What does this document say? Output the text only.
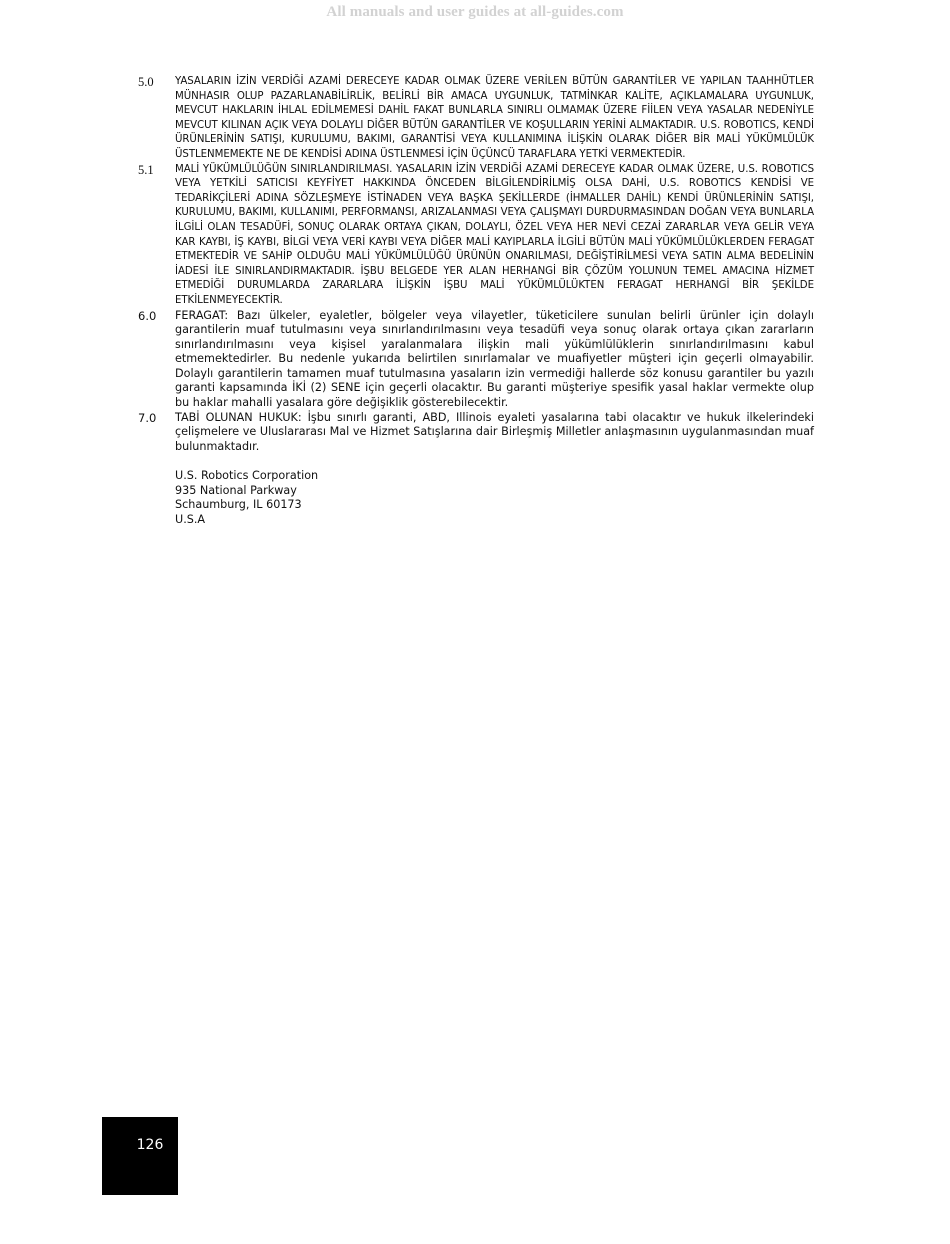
All manuals and user guides at all-guides.com
5.0	YASALARIN İZİN VERDİĞİ AZAMİ DERECEYE KADAR OLMAK ÜZERE VERİLEN BÜTÜN GARANTİLER VE YAPILAN TAAHHÜTLER MÜNHASIR OLUP PAZARLANABİLİRLİK, BELİRLİ BİR AMACA UYGUNLUK, TATMİNKAR KALİTE, AÇIKLAMALARA UYGUNLUK, MEVCUT HAKLARIN İHLAL EDİLMEMESİ DAHİL FAKAT BUNLARLA SINIRLI OLMAMAK ÜZERE FİİLEN VEYA YASALAR NEDENİYLE MEVCUT KILINAN AÇIK VEYA DOLAYLI DİĞER BÜTÜN GARANTİLER VE KOŞULLARIN YERİNİ ALMAKTADIR. U.S. ROBOTICS, KENDİ ÜRÜNLERİNİN SATIŞI, KURULUMU, BAKIMI, GARANTİSİ VEYA KULLANIMINA İLİŞKİN OLARAK DİĞER BİR MALİ YÜKÜMLÜLÜK ÜSTLENMEMEKTE NE DE KENDİSİ ADINA ÜSTLENMESİ İÇİN ÜÇÜNCÜ TARAFLARA YETKİ VERMEKTEDİR.

5.1	MALİ YÜKÜMLÜLÜĞÜN SINIRLANDIRILMASI. YASALARIN İZİN VERDİĞİ AZAMİ DERECEYE KADAR OLMAK ÜZERE, U.S. ROBOTICS VEYA YETKİLİ SATICISI KEYFİYET HAKKINDA ÖNCEDEN BİLGİLENDİRİLMİŞ OLSA DAHİ, U.S. ROBOTICS KENDİSİ VE TEDARİKÇİLERİ ADINA SÖZLEŞMEYE İSTİNADEN VEYA BAŞKA ŞEKİLLERDE (İHMALLER DAHİL) KENDİ ÜRÜNLERİNİN SATIŞI, KURULUMU, BAKIMI, KULLANIMI, PERFORMANSI, ARIZALANMASI VEYA ÇALIŞMAYI DURDURMASINDAN DOĞAN VEYA BUNLARLA İLGİLİ OLAN TESADÜFİ, SONUÇ OLARAK ORTAYA ÇIKAN, DOLAYLI, ÖZEL VEYA HER NEVİ CEZAİ ZARARLAR VEYA GELİR VEYA KAR KAYBI, İŞ KAYBI, BİLGİ VEYA VERİ KAYBI VEYA DİĞER MALİ KAYIPLARLA İLGİLİ BÜTÜN MALİ YÜKÜMLÜLÜKLERDEN FERAGAT ETMEKTEDİR VE SAHİP OLDUĞU MALİ YÜKÜMLÜLÜĞÜ ÜRÜNÜN ONARILMASI, DEĞİŞTİRİLMESİ VEYA SATIN ALMA BEDELİNİN İADESİ İLE SINIRLANDIRMAKTADIR. İŞBU BELGEDE YER ALAN HERHANGİ BİR ÇÖZÜM YOLUNUN TEMEL AMACINA HİZMET ETMEDİĞİ DURUMLARDA ZARARLARA İLİŞKİN İŞBU MALİ YÜKÜMLÜLÜKTEN FERAGAT HERHANGİ BİR ŞEKİLDE ETKİLENMEYECEKTİR.

6.0	FERAGAT: Bazı ülkeler, eyaletler, bölgeler veya vilayetler, tüketicilere sunulan belirli ürünler için dolaylı garantilerin muaf tutulmasını veya sınırlandırılmasını veya tesadüfi veya sonuç olarak ortaya çıkan zararların sınırlandırılmasını veya kişisel yaralanmalara ilişkin mali yükümlülüklerin sınırlandırılmasını kabul etmemektedirler. Bu nedenle yukarıda belirtilen sınırlamalar ve muafiyetler müşteri için geçerli olmayabilir. Dolaylı garantilerin tamamen muaf tutulmasına yasaların izin vermediği hallerde söz konusu garantiler bu yazılı garanti kapsamında İKİ (2) SENE için geçerli olacaktır. Bu garanti müşteriye spesifik yasal haklar vermekte olup bu haklar mahalli yasalara göre değişiklik gösterebilecektir.

7.0	TABİ OLUNAN HUKUK: İşbu sınırlı garanti, ABD, Illinois eyaleti yasalarına tabi olacaktır ve hukuk ilkelerindeki çelişmelere ve Uluslararası Mal ve Hizmet Satışlarına dair Birleşmiş Milletler anlaşmasının uygulanmasından muaf bulunmaktadır.

U.S. Robotics Corporation
935 National Parkway
Schaumburg, IL 60173
U.S.A
126
